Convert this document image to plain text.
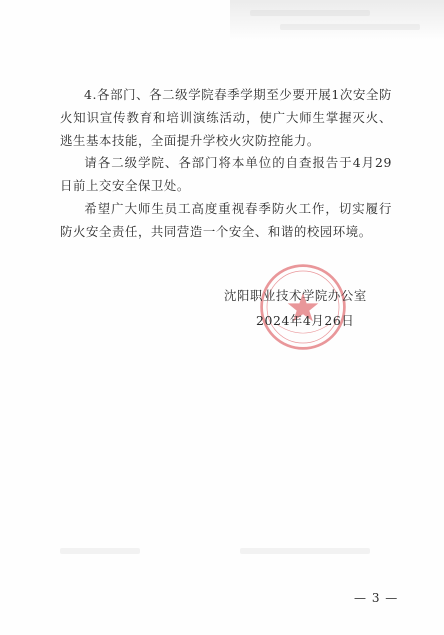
4.各部门、各二级学院春季学期至少要开展1次安全防火知识宣传教育和培训演练活动，使广大师生掌握灭火、逃生基本技能，全面提升学校火灾防控能力。

请各二级学院、各部门将本单位的自查报告于4月29日前上交安全保卫处。

希望广大师生员工高度重视春季防火工作，切实履行防火安全责任，共同营造一个安全、和谐的校园环境。

沈阳职业技术学院办公室

2024年4月26日

— 3 —
